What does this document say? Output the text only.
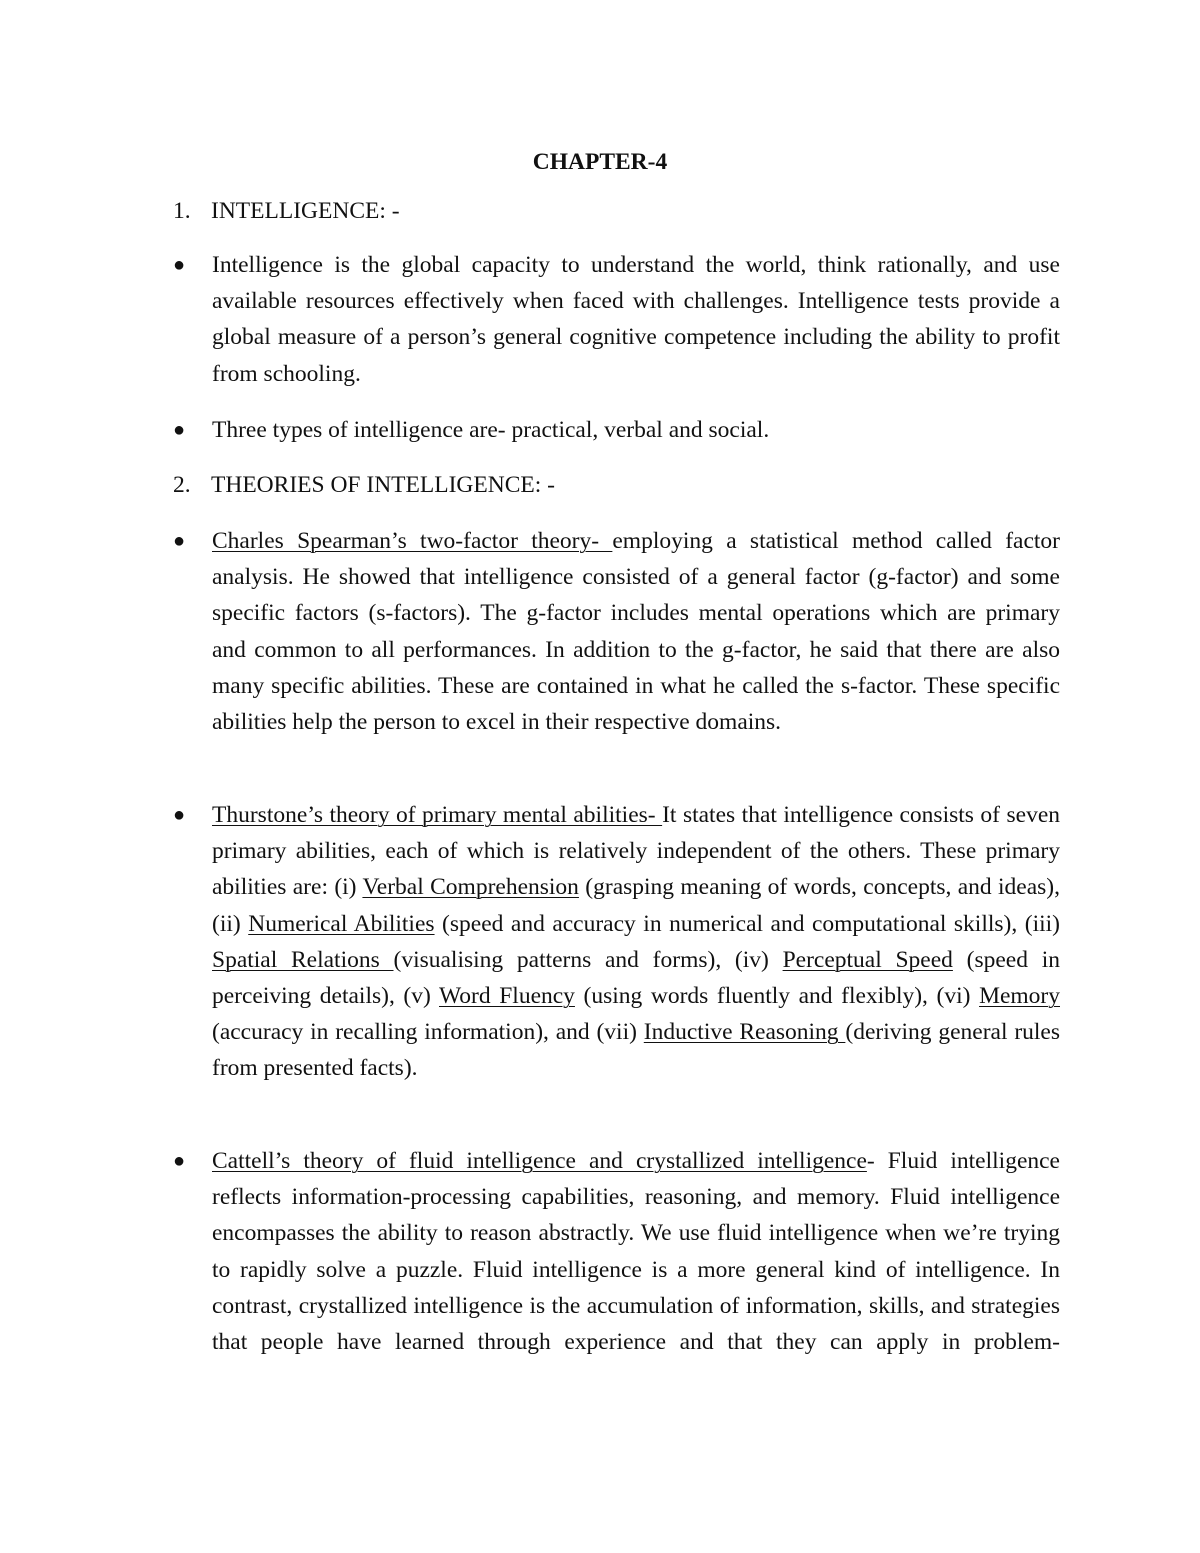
CHAPTER-4
1. INTELLIGENCE: -
●	Intelligence is the global capacity to understand the world, think rationally, and use available resources effectively when faced with challenges. Intelligence tests provide a global measure of a person’s general cognitive competence including the ability to profit from schooling.
●	Three types of intelligence are- practical, verbal and social.
2. THEORIES OF INTELLIGENCE: -
●	Charles Spearman’s two-factor theory- employing a statistical method called factor analysis. He showed that intelligence consisted of a general factor (g-factor) and some specific factors (s-factors). The g-factor includes mental operations which are primary and common to all performances. In addition to the g-factor, he said that there are also many specific abilities. These are contained in what he called the s-factor. These specific abilities help the person to excel in their respective domains.
●	Thurstone’s theory of primary mental abilities- It states that intelligence consists of seven primary abilities, each of which is relatively independent of the others. These primary abilities are: (i) Verbal Comprehension (grasping meaning of words, concepts, and ideas), (ii) Numerical Abilities (speed and accuracy in numerical and computational skills), (iii) Spatial Relations (visualising patterns and forms), (iv) Perceptual Speed (speed in perceiving details), (v) Word Fluency (using words fluently and flexibly), (vi) Memory (accuracy in recalling information), and (vii) Inductive Reasoning (deriving general rules from presented facts).
●	Cattell’s theory of fluid intelligence and crystallized intelligence- Fluid intelligence reflects information-processing capabilities, reasoning, and memory. Fluid intelligence encompasses the ability to reason abstractly. We use fluid intelligence when we’re trying to rapidly solve a puzzle. Fluid intelligence is a more general kind of intelligence. In contrast, crystallized intelligence is the accumulation of information, skills, and strategies that people have learned through experience and that they can apply in problem-
